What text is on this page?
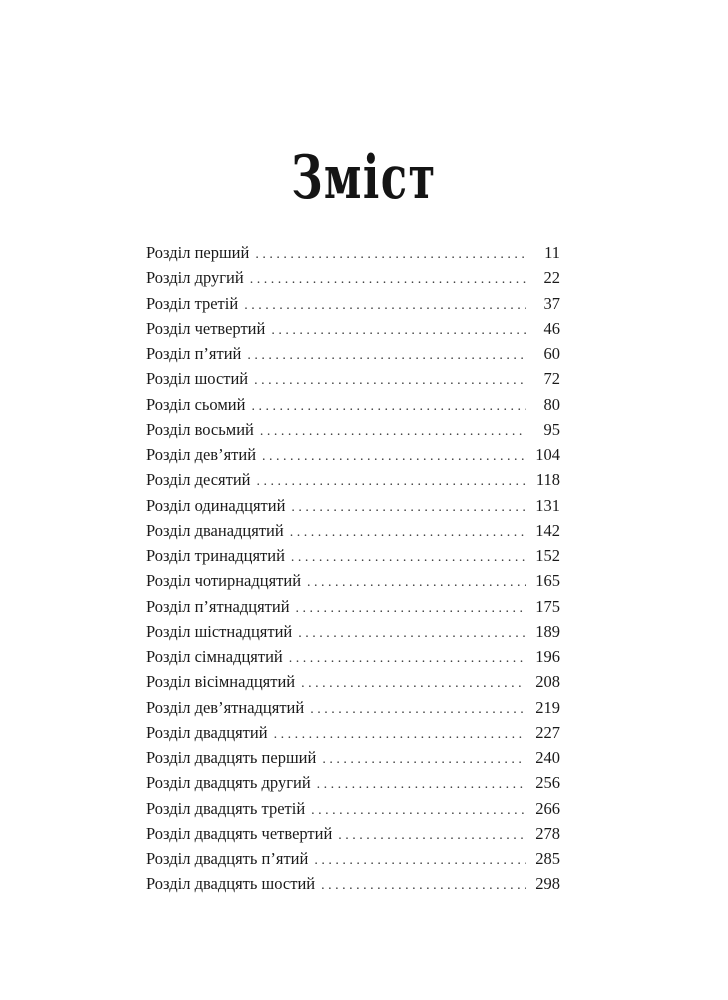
Зміст
Розділ перший . . .	11
Розділ другий . . .	22
Розділ третій . . .	37
Розділ четвертий . . .	46
Розділ п’ятий . . .	60
Розділ шостий . . .	72
Розділ сьомий . . .	80
Розділ восьмий . . .	95
Розділ дев’ятий . . .	104
Розділ десятий . . .	118
Розділ одинадцятий . . .	131
Розділ дванадцятий . . .	142
Розділ тринадцятий . . .	152
Розділ чотирнадцятий . . .	165
Розділ п’ятнадцятий . . .	175
Розділ шістнадцятий . . .	189
Розділ сімнадцятий . . .	196
Розділ вісімнадцятий . . .	208
Розділ дев’ятнадцятий . . .	219
Розділ двадцятий . . .	227
Розділ двадцять перший . . .	240
Розділ двадцять другий . . .	256
Розділ двадцять третій . . .	266
Розділ двадцять четвертий . . .	278
Розділ двадцять п’ятий . . .	285
Розділ двадцять шостий . . .	298
